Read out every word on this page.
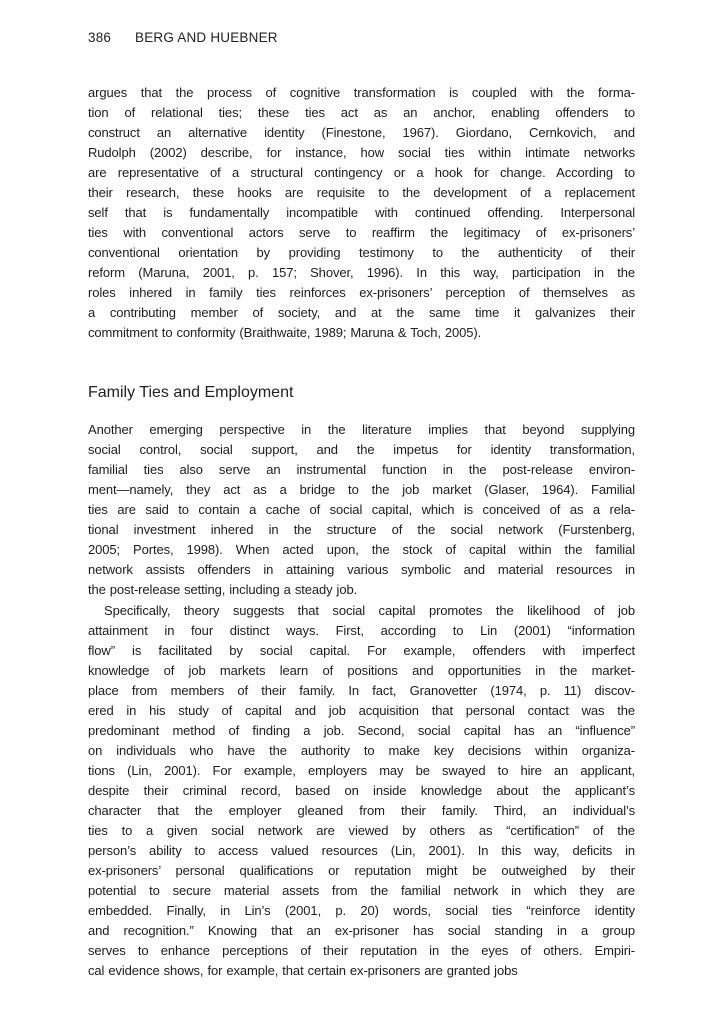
386	BERG AND HUEBNER
argues that the process of cognitive transformation is coupled with the forma-
tion of relational ties; these ties act as an anchor, enabling offenders to
construct an alternative identity (Finestone, 1967). Giordano, Cernkovich, and
Rudolph (2002) describe, for instance, how social ties within intimate networks
are representative of a structural contingency or a hook for change. According to
their research, these hooks are requisite to the development of a replacement
self that is fundamentally incompatible with continued offending. Interpersonal
ties with conventional actors serve to reaffirm the legitimacy of ex-prisoners’
conventional orientation by providing testimony to the authenticity of their
reform (Maruna, 2001, p. 157; Shover, 1996). In this way, participation in the
roles inhered in family ties reinforces ex-prisoners’ perception of themselves as
a contributing member of society, and at the same time it galvanizes their
commitment to conformity (Braithwaite, 1989; Maruna & Toch, 2005).
Family Ties and Employment
Another emerging perspective in the literature implies that beyond supplying
social control, social support, and the impetus for identity transformation,
familial ties also serve an instrumental function in the post-release environ-
ment—namely, they act as a bridge to the job market (Glaser, 1964). Familial
ties are said to contain a cache of social capital, which is conceived of as a rela-
tional investment inhered in the structure of the social network (Furstenberg,
2005; Portes, 1998). When acted upon, the stock of capital within the familial
network assists offenders in attaining various symbolic and material resources in
the post-release setting, including a steady job.
Specifically, theory suggests that social capital promotes the likelihood of job
attainment in four distinct ways. First, according to Lin (2001) “information
flow” is facilitated by social capital. For example, offenders with imperfect
knowledge of job markets learn of positions and opportunities in the market-
place from members of their family. In fact, Granovetter (1974, p. 11) discov-
ered in his study of capital and job acquisition that personal contact was the
predominant method of finding a job. Second, social capital has an “influence”
on individuals who have the authority to make key decisions within organiza-
tions (Lin, 2001). For example, employers may be swayed to hire an applicant,
despite their criminal record, based on inside knowledge about the applicant’s
character that the employer gleaned from their family. Third, an individual’s
ties to a given social network are viewed by others as “certification” of the
person’s ability to access valued resources (Lin, 2001). In this way, deficits in
ex-prisoners’ personal qualifications or reputation might be outweighed by their
potential to secure material assets from the familial network in which they are
embedded. Finally, in Lin’s (2001, p. 20) words, social ties “reinforce identity
and recognition.” Knowing that an ex-prisoner has social standing in a group
serves to enhance perceptions of their reputation in the eyes of others. Empiri-
cal evidence shows, for example, that certain ex-prisoners are granted jobs
